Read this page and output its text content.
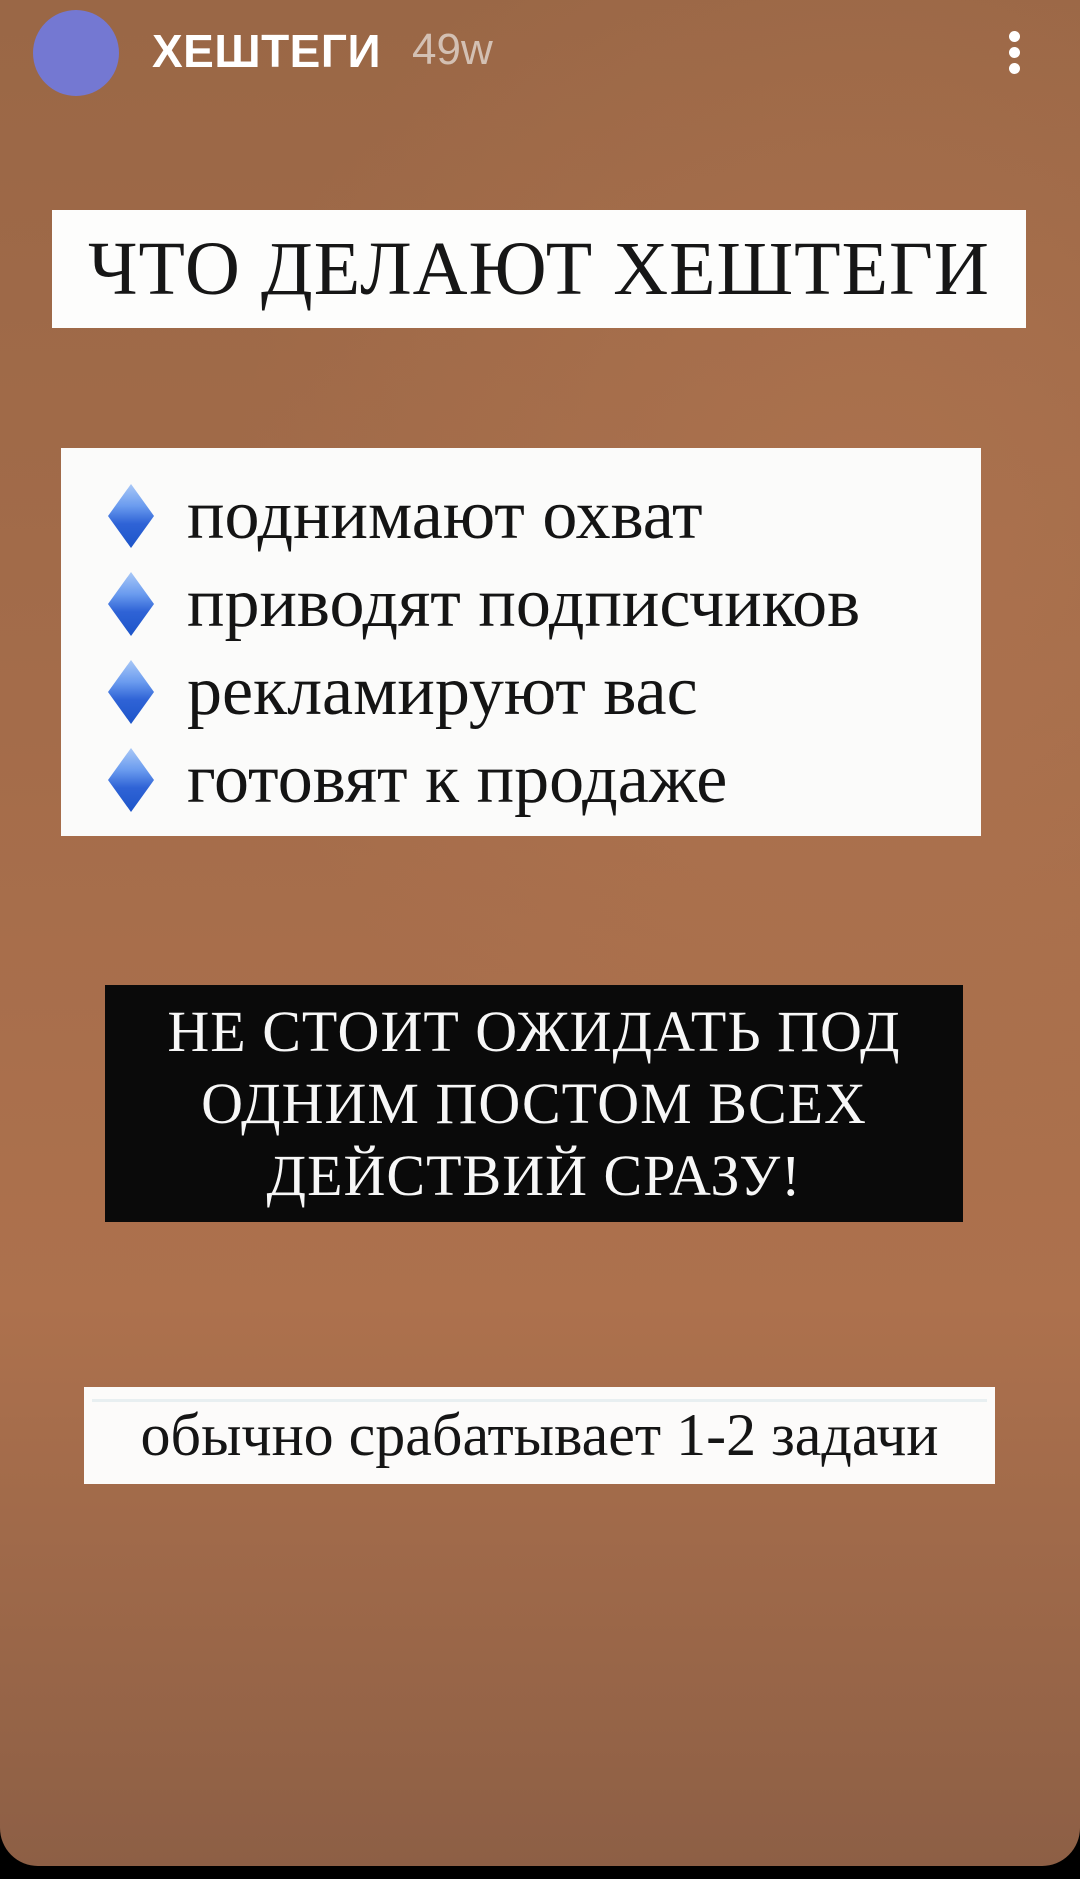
ХЕШТЕГИ 49w
ЧТО ДЕЛАЮТ ХЕШТЕГИ
поднимают охват
приводят подписчиков
рекламируют вас
готовят к продаже
НЕ СТОИТ ОЖИДАТЬ ПОД
ОДНИМ ПОСТОМ ВСЕХ
ДЕЙСТВИЙ СРАЗУ!
обычно срабатывает 1-2 задачи
